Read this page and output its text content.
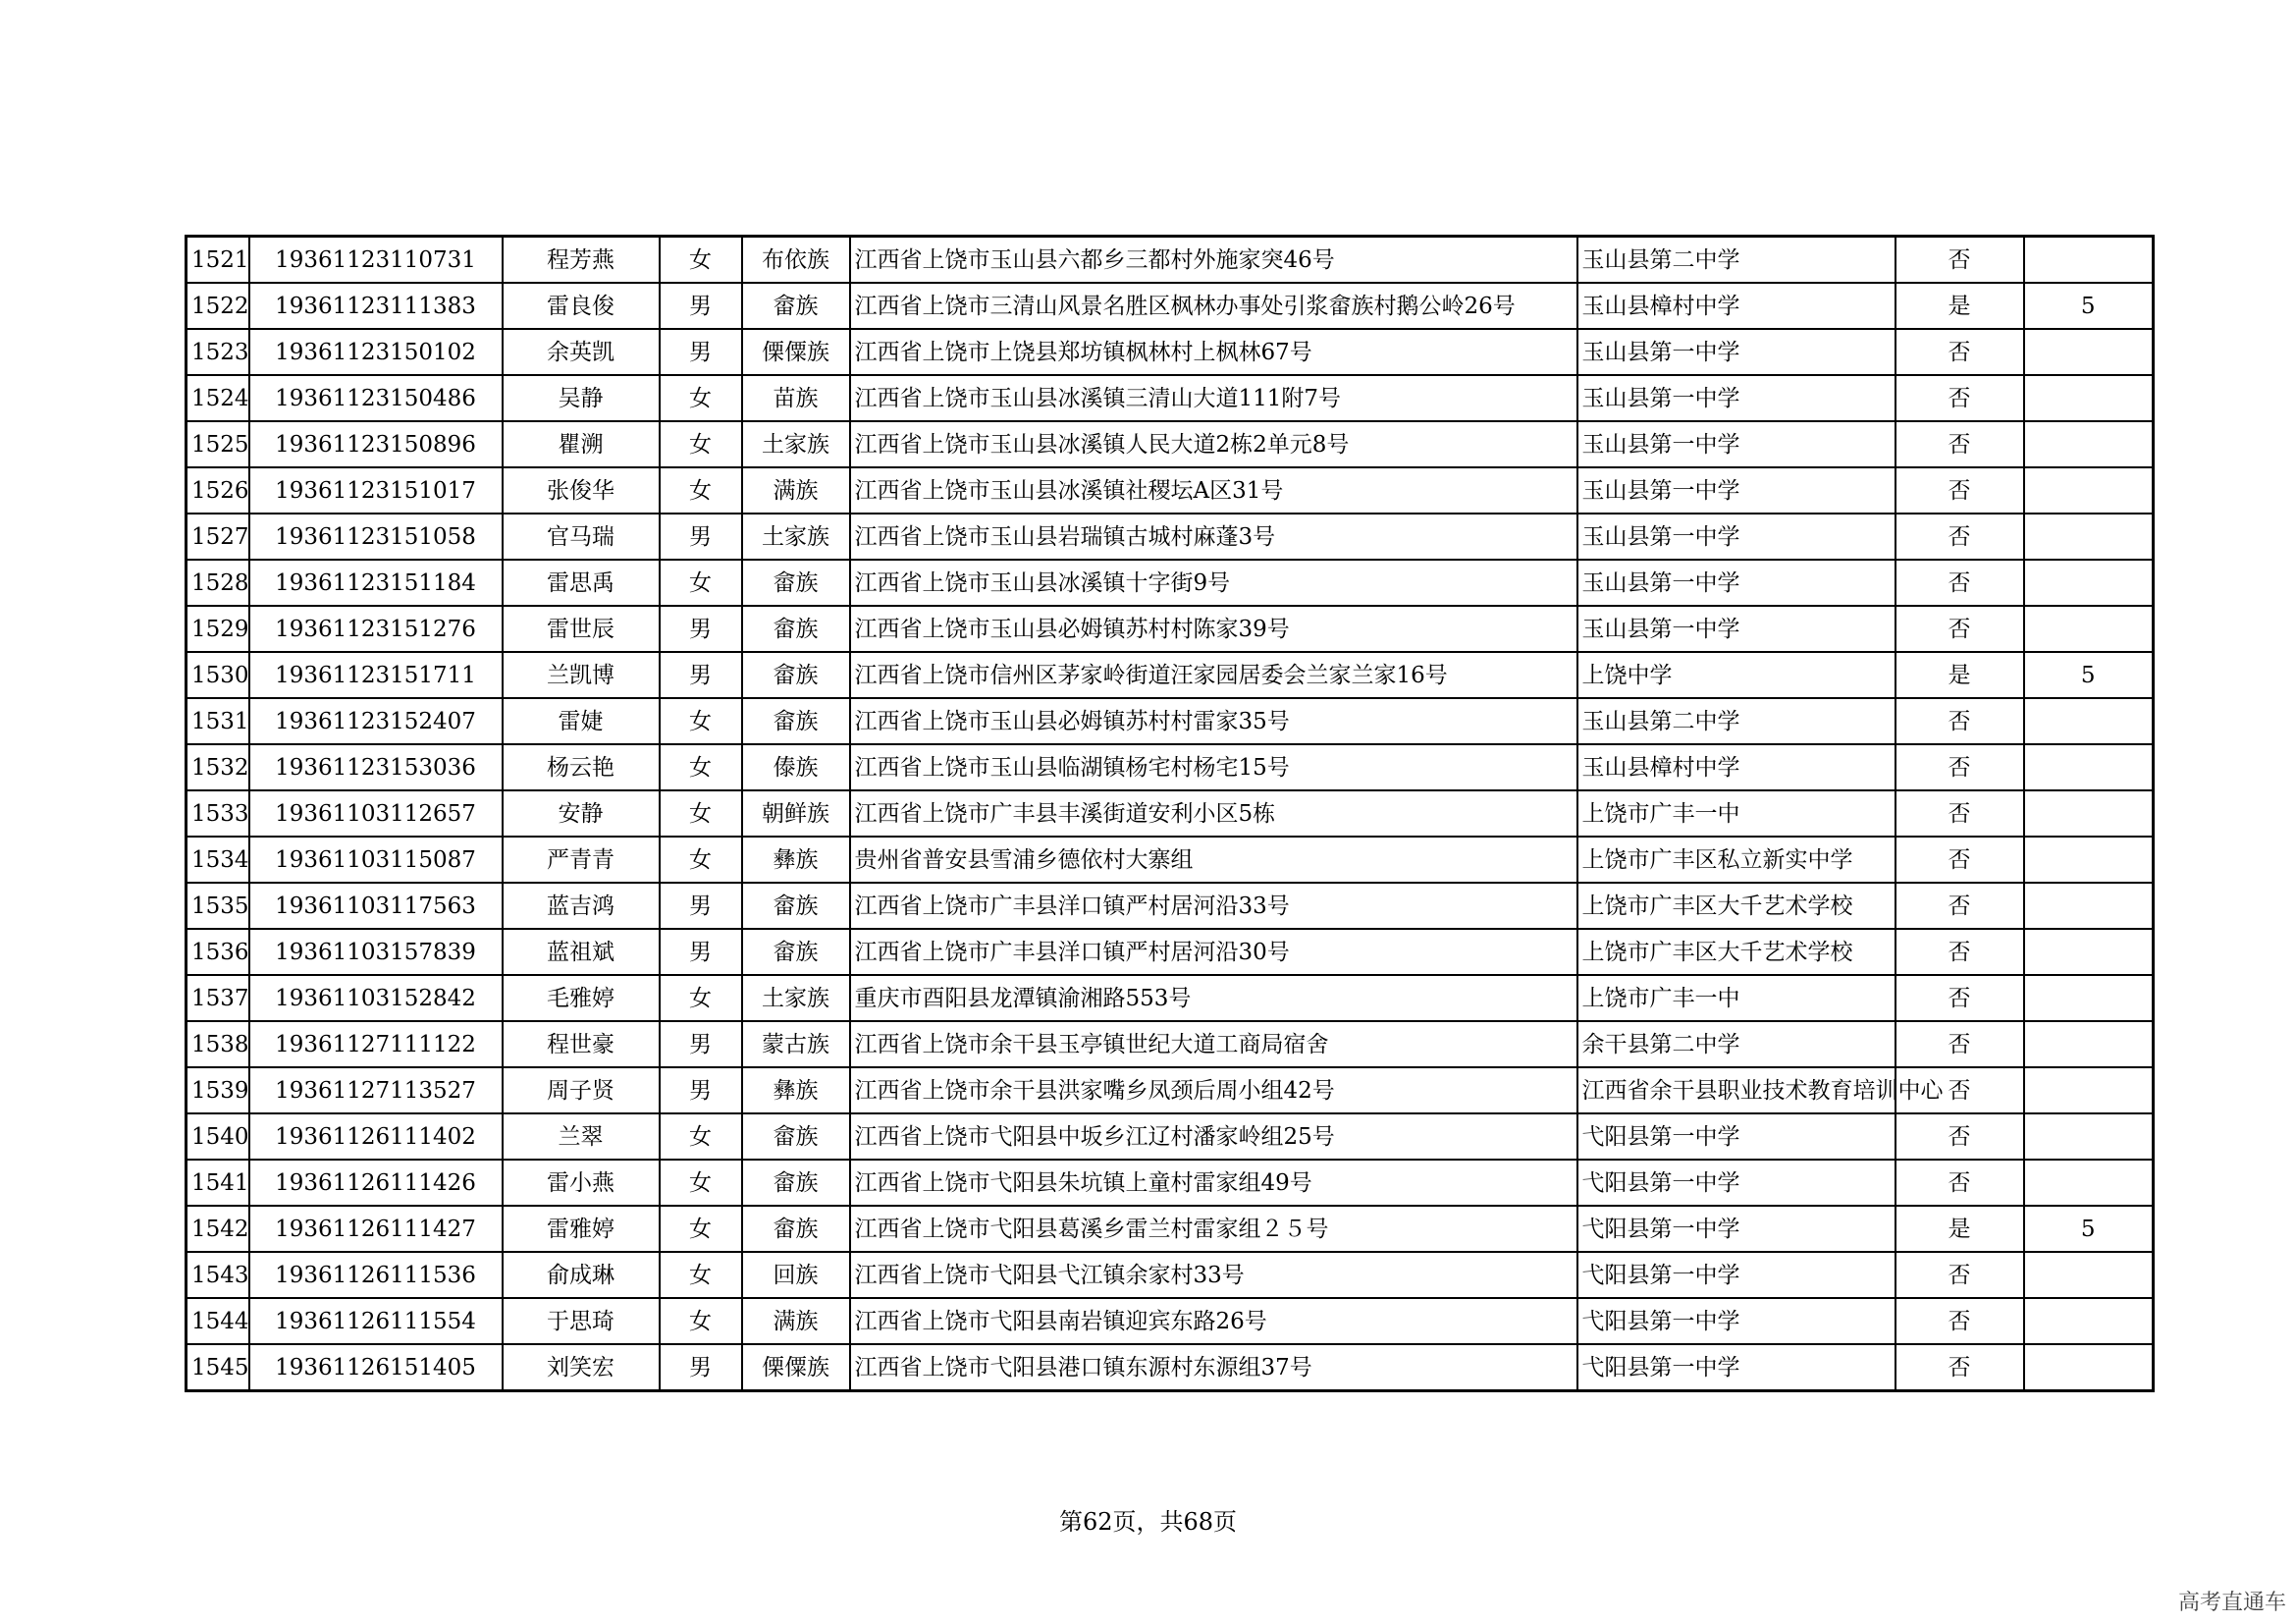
1521	19361123110731	程芳燕	女	布依族	江西省上饶市玉山县六都乡三都村外施家突46号	玉山县第二中学	否	
1522	19361123111383	雷良俊	男	畲族	江西省上饶市三清山风景名胜区枫林办事处引浆畲族村鹅公岭26号	玉山县樟村中学	是	5
1523	19361123150102	余英凯	男	傈僳族	江西省上饶市上饶县郑坊镇枫林村上枫林67号	玉山县第一中学	否	
1524	19361123150486	吴静	女	苗族	江西省上饶市玉山县冰溪镇三清山大道111附7号	玉山县第一中学	否	
1525	19361123150896	瞿溯	女	土家族	江西省上饶市玉山县冰溪镇人民大道2栋2单元8号	玉山县第一中学	否	
1526	19361123151017	张俊华	女	满族	江西省上饶市玉山县冰溪镇社稷坛A区31号	玉山县第一中学	否	
1527	19361123151058	官马瑞	男	土家族	江西省上饶市玉山县岩瑞镇古城村麻蓬3号	玉山县第一中学	否	
1528	19361123151184	雷思禹	女	畲族	江西省上饶市玉山县冰溪镇十字街9号	玉山县第一中学	否	
1529	19361123151276	雷世辰	男	畲族	江西省上饶市玉山县必姆镇苏村村陈家39号	玉山县第一中学	否	
1530	19361123151711	兰凯博	男	畲族	江西省上饶市信州区茅家岭街道汪家园居委会兰家兰家16号	上饶中学	是	5
1531	19361123152407	雷婕	女	畲族	江西省上饶市玉山县必姆镇苏村村雷家35号	玉山县第二中学	否	
1532	19361123153036	杨云艳	女	傣族	江西省上饶市玉山县临湖镇杨宅村杨宅15号	玉山县樟村中学	否	
1533	19361103112657	安静	女	朝鲜族	江西省上饶市广丰县丰溪街道安利小区5栋	上饶市广丰一中	否	
1534	19361103115087	严青青	女	彝族	贵州省普安县雪浦乡德依村大寨组	上饶市广丰区私立新实中学	否	
1535	19361103117563	蓝吉鸿	男	畲族	江西省上饶市广丰县洋口镇严村居河沿33号	上饶市广丰区大千艺术学校	否	
1536	19361103157839	蓝祖斌	男	畲族	江西省上饶市广丰县洋口镇严村居河沿30号	上饶市广丰区大千艺术学校	否	
1537	19361103152842	毛雅婷	女	土家族	重庆市酉阳县龙潭镇渝湘路553号	上饶市广丰一中	否	
1538	19361127111122	程世豪	男	蒙古族	江西省上饶市余干县玉亭镇世纪大道工商局宿舍	余干县第二中学	否	
1539	19361127113527	周子贤	男	彝族	江西省上饶市余干县洪家嘴乡凤颈后周小组42号	江西省余干县职业技术教育培训中心	否	
1540	19361126111402	兰翠	女	畲族	江西省上饶市弋阳县中坂乡江辽村潘家岭组25号	弋阳县第一中学	否	
1541	19361126111426	雷小燕	女	畲族	江西省上饶市弋阳县朱坑镇上童村雷家组49号	弋阳县第一中学	否	
1542	19361126111427	雷雅婷	女	畲族	江西省上饶市弋阳县葛溪乡雷兰村雷家组２５号	弋阳县第一中学	是	5
1543	19361126111536	俞成琳	女	回族	江西省上饶市弋阳县弋江镇余家村33号	弋阳县第一中学	否	
1544	19361126111554	于思琦	女	满族	江西省上饶市弋阳县南岩镇迎宾东路26号	弋阳县第一中学	否	
1545	19361126151405	刘笑宏	男	傈僳族	江西省上饶市弋阳县港口镇东源村东源组37号	弋阳县第一中学	否	
第62页，共68页
高考直通车
